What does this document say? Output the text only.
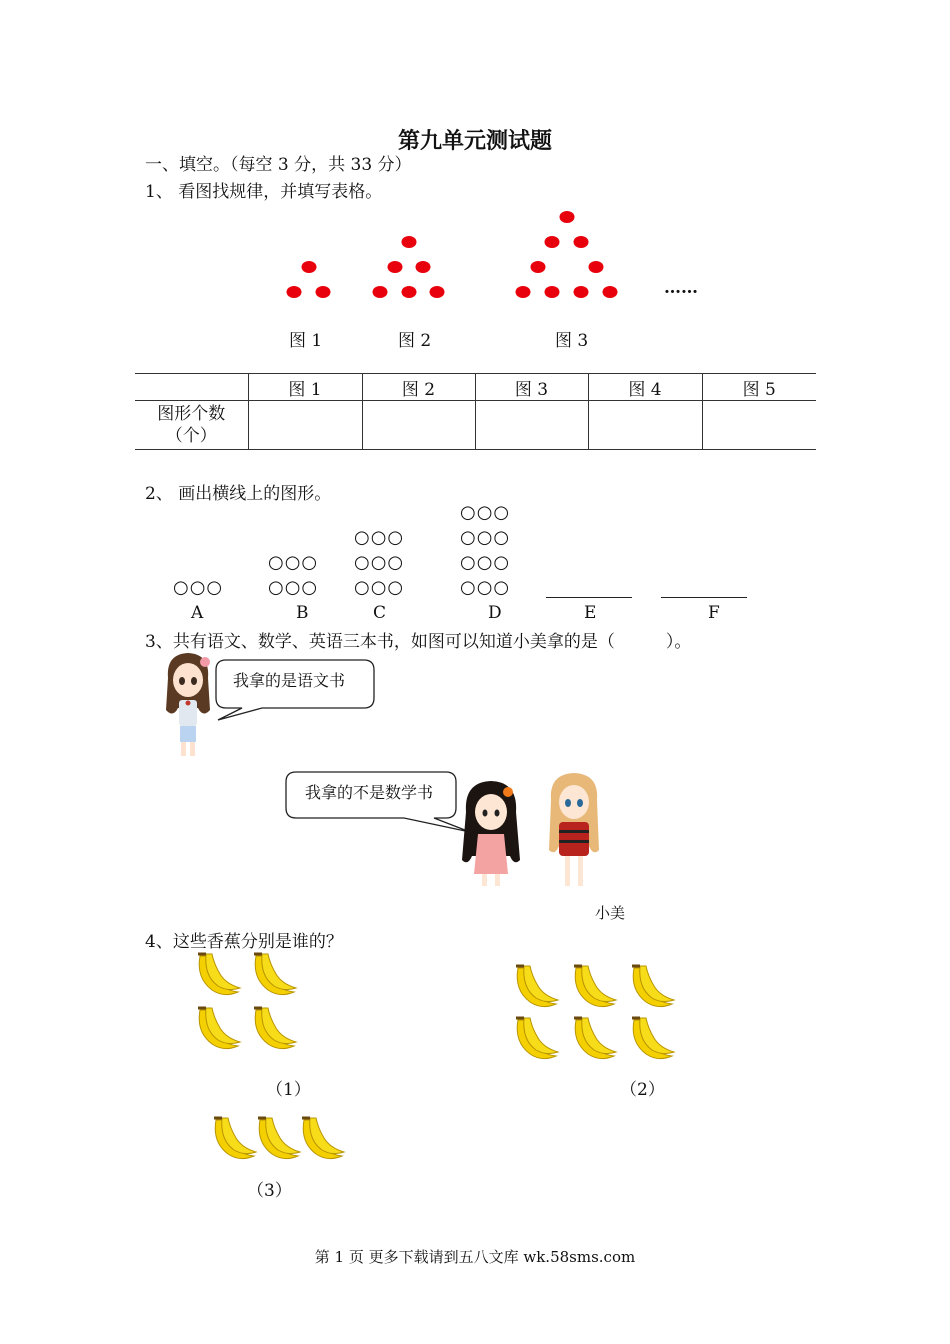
第九单元测试题
一、填空。（每空 3 分，共 33 分）
1、 看图找规律，并填写表格。
……
图 1	图 2	图 3
	图 1	图 2	图 3	图 4	图 5

图形个数
（个）					

2、 画出横线上的图形。
○○○
○○○
○○○
○○○
○○○
○○○
○○○
○○○
○○○
○○○
A	B	C	D	E	F
3、共有语文、数学、英语三本书，如图可以知道小美拿的是（　　　）。
我拿的是语文书
我拿的不是数学书
小美
4、这些香蕉分别是谁的？
（1）	（2）
（3）
第 1 页 更多下载请到五八文库 wk.58sms.com
